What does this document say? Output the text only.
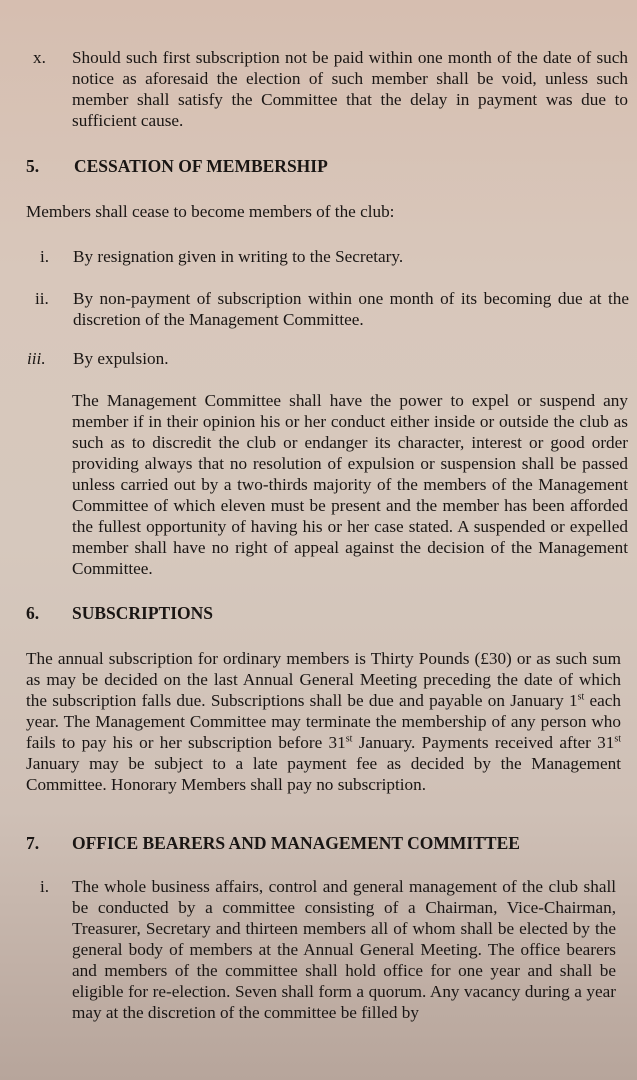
x. Should such first subscription not be paid within one month of the date of such notice as aforesaid the election of such member shall be void, unless such member shall satisfy the Committee that the delay in payment was due to sufficient cause.
5. CESSATION OF MEMBERSHIP
Members shall cease to become members of the club:
i. By resignation given in writing to the Secretary.
ii. By non-payment of subscription within one month of its becoming due at the discretion of the Management Committee.
iii. By expulsion.
The Management Committee shall have the power to expel or suspend any member if in their opinion his or her conduct either inside or outside the club as such as to discredit the club or endanger its character, interest or good order providing always that no resolution of expulsion or suspension shall be passed unless carried out by a two-thirds majority of the members of the Management Committee of which eleven must be present and the member has been afforded the fullest opportunity of having his or her case stated. A suspended or expelled member shall have no right of appeal against the decision of the Management Committee.
6. SUBSCRIPTIONS
The annual subscription for ordinary members is Thirty Pounds (£30) or as such sum as may be decided on the last Annual General Meeting preceding the date of which the subscription falls due. Subscriptions shall be due and payable on January 1st each year. The Management Committee may terminate the membership of any person who fails to pay his or her subscription before 31st January. Payments received after 31st January may be subject to a late payment fee as decided by the Management Committee. Honorary Members shall pay no subscription.
7. OFFICE BEARERS AND MANAGEMENT COMMITTEE
i. The whole business affairs, control and general management of the club shall be conducted by a committee consisting of a Chairman, Vice-Chairman, Treasurer, Secretary and thirteen members all of whom shall be elected by the general body of members at the Annual General Meeting. The office bearers and members of the committee shall hold office for one year and shall be eligible for re-election. Seven shall form a quorum. Any vacancy during a year may at the discretion of the committee be filled by
